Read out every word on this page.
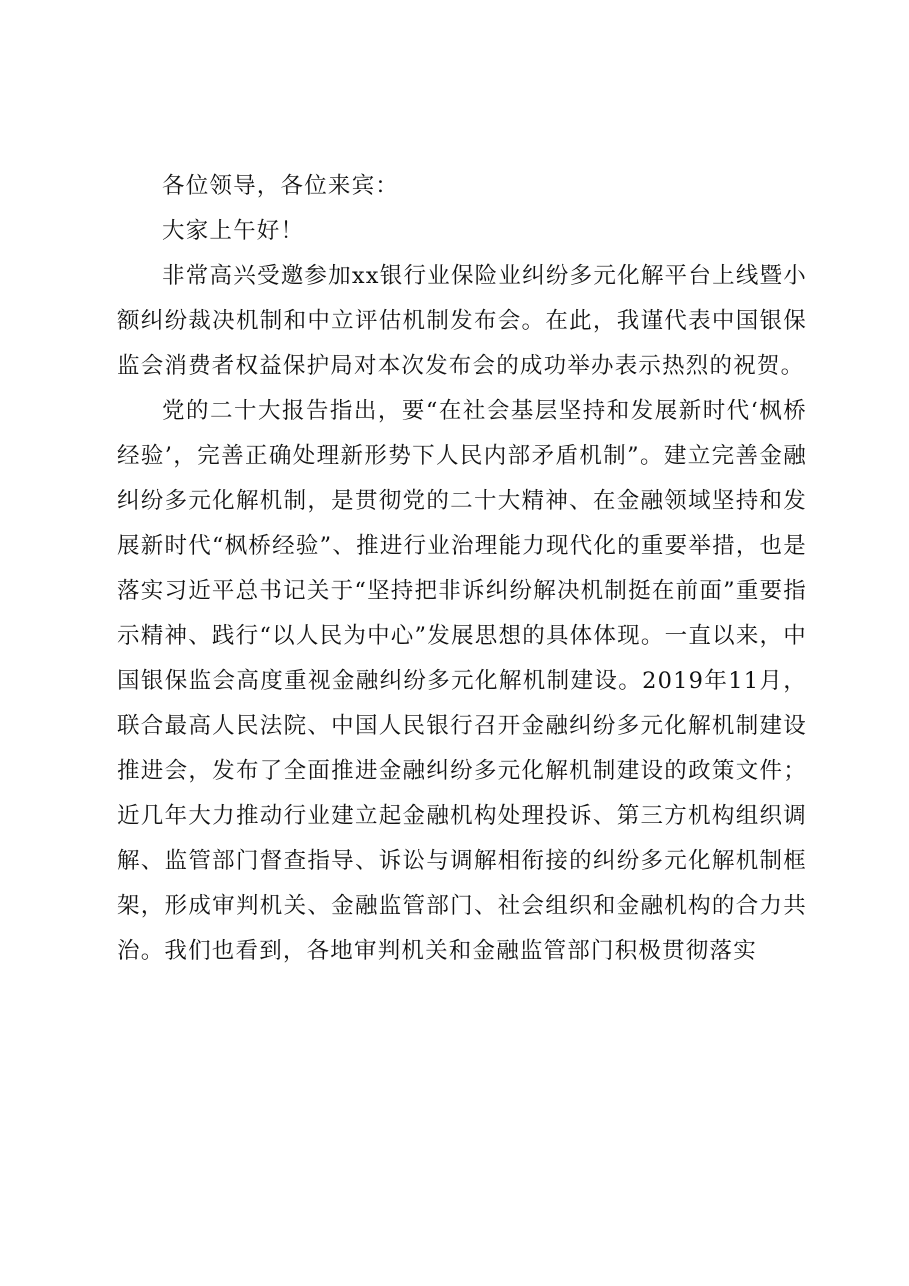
各位领导，各位来宾：

大家上午好！

非常高兴受邀参加xx银行业保险业纠纷多元化解平台上线暨小额纠纷裁决机制和中立评估机制发布会。在此，我谨代表中国银保监会消费者权益保护局对本次发布会的成功举办表示热烈的祝贺。

党的二十大报告指出，要“在社会基层坚持和发展新时代‘枫桥经验’，完善正确处理新形势下人民内部矛盾机制”。建立完善金融纠纷多元化解机制，是贯彻党的二十大精神、在金融领域坚持和发展新时代“枫桥经验”、推进行业治理能力现代化的重要举措，也是落实习近平总书记关于“坚持把非诉纠纷解决机制挺在前面”重要指示精神、践行“以人民为中心”发展思想的具体体现。一直以来，中国银保监会高度重视金融纠纷多元化解机制建设。2019年11月，联合最高人民法院、中国人民银行召开金融纠纷多元化解机制建设推进会，发布了全面推进金融纠纷多元化解机制建设的政策文件；近几年大力推动行业建立起金融机构处理投诉、第三方机构组织调解、监管部门督查指导、诉讼与调解相衔接的纠纷多元化解机制框架，形成审判机关、金融监管部门、社会组织和金融机构的合力共治。我们也看到，各地审判机关和金融监管部门积极贯彻落实
